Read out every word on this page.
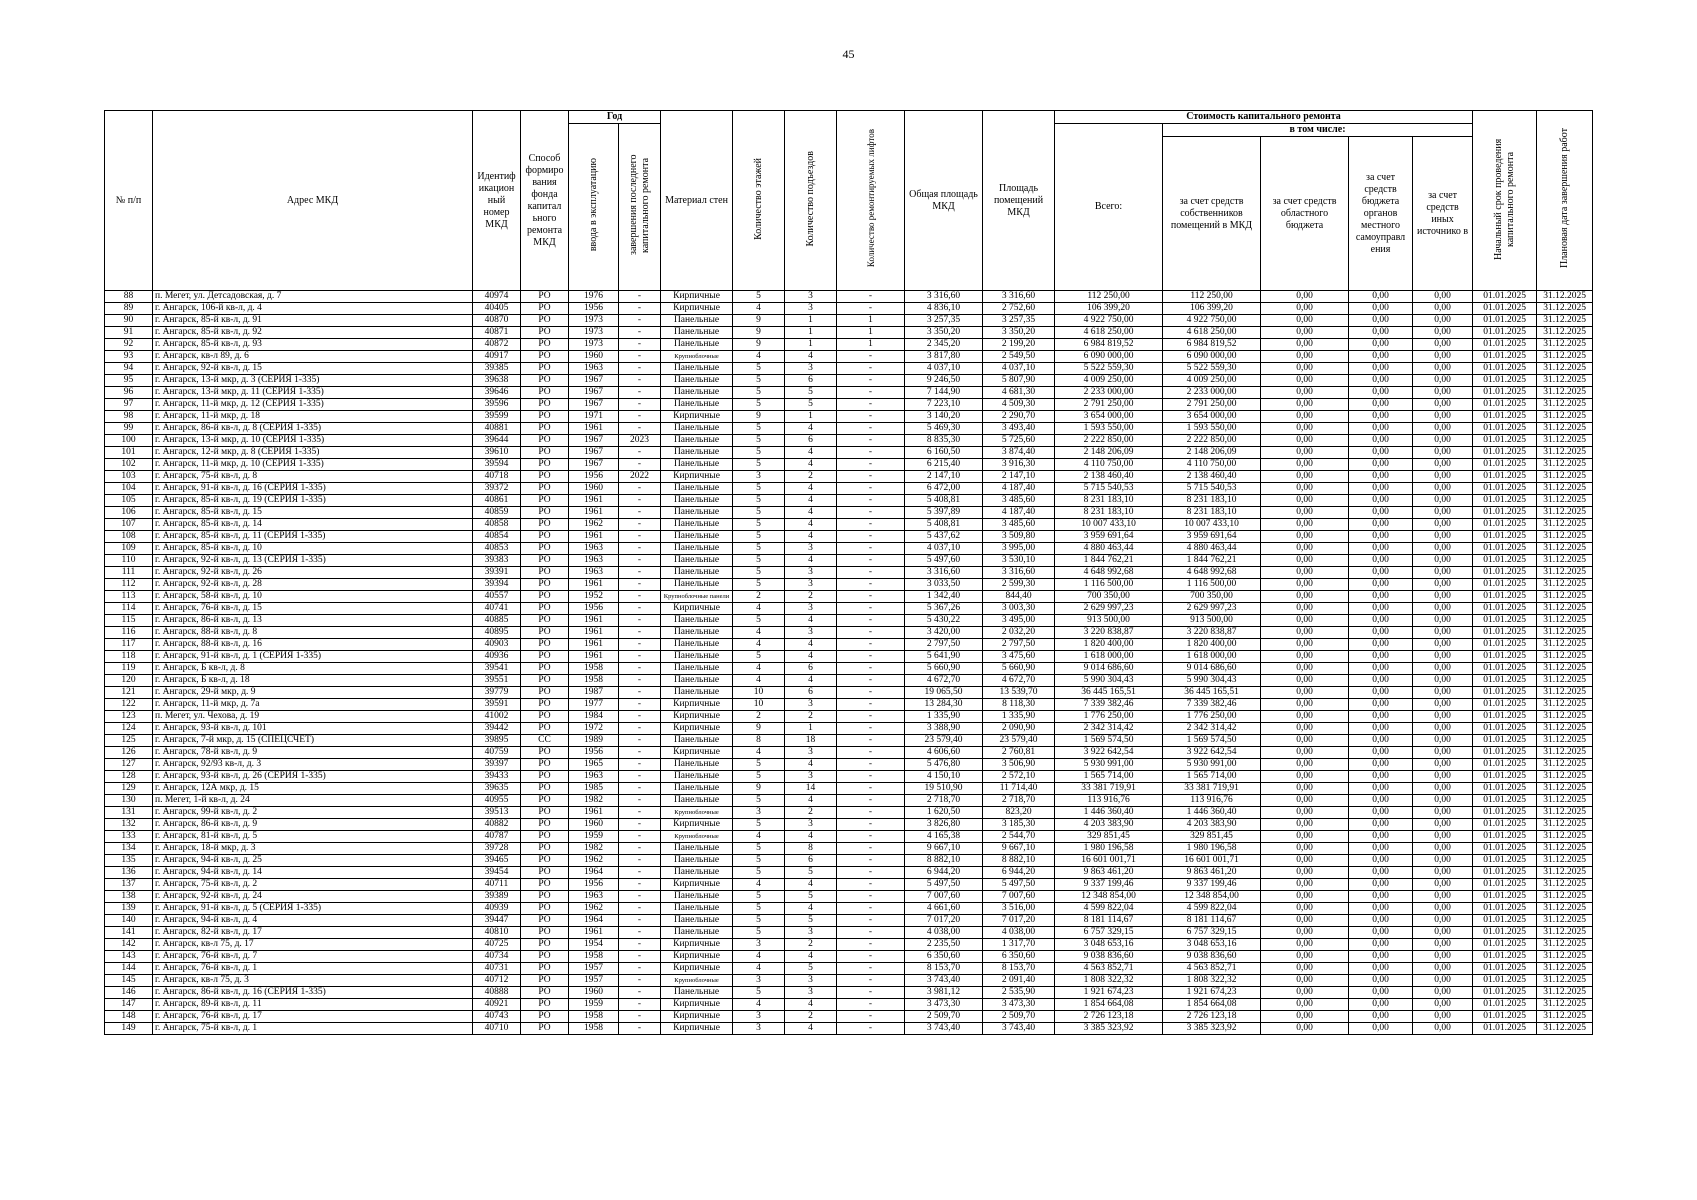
45
№ п/п	Адрес МКД	Идентиф икацион ный номер МКД	Способ формиро вания фонда капитал ьного ремонта МКД	Год		Материал стен	Количество этажей	Количество подъездов	Количество ремонтируемых лифтов	Общая площадь МКД	Площадь помещений МКД	Стоимость капитального ремонта					Начальный срок проведения капитального ремонта	Плановая дата завершения работ
				ввода в эксплуатацию	завершения последнего капитального ремонта							Всего:	в том числе:					
													за счет средств собственников помещений в МКД	за счет средств областного бюджета	за счет средств бюджета органов местного самоуправл ения	за счет средств иных источнико в		
88	п. Мегет, ул. Детсадовская, д. 7	40974	РО	1976	-	Кирпичные	5	3	-	3 316,60	3 316,60	112 250,00	112 250,00	0,00	0,00	0,00	01.01.2025	31.12.2025
89	г. Ангарск, 106-й кв-л, д. 4	40405	РО	1956	-	Кирпичные	4	3	-	4 836,10	2 752,60	106 399,20	106 399,20	0,00	0,00	0,00	01.01.2025	31.12.2025
90	г. Ангарск, 85-й кв-л, д. 91	40870	РО	1973	-	Панельные	9	1	1	3 257,35	3 257,35	4 922 750,00	4 922 750,00	0,00	0,00	0,00	01.01.2025	31.12.2025
91	г. Ангарск, 85-й кв-л, д. 92	40871	РО	1973	-	Панельные	9	1	1	3 350,20	3 350,20	4 618 250,00	4 618 250,00	0,00	0,00	0,00	01.01.2025	31.12.2025
92	г. Ангарск, 85-й кв-л, д. 93	40872	РО	1973	-	Панельные	9	1	1	2 345,20	2 199,20	6 984 819,52	6 984 819,52	0,00	0,00	0,00	01.01.2025	31.12.2025
93	г. Ангарск, кв-л 89, д. 6	40917	РО	1960	-	Крупноблочные	4	4	-	3 817,80	2 549,50	6 090 000,00	6 090 000,00	0,00	0,00	0,00	01.01.2025	31.12.2025
94	г. Ангарск, 92-й кв-л, д. 15	39385	РО	1963	-	Панельные	5	3	-	4 037,10	4 037,10	5 522 559,30	5 522 559,30	0,00	0,00	0,00	01.01.2025	31.12.2025
95	г. Ангарск, 13-й мкр, д. 3 (СЕРИЯ 1-335)	39638	РО	1967	-	Панельные	5	6	-	9 246,50	5 807,90	4 009 250,00	4 009 250,00	0,00	0,00	0,00	01.01.2025	31.12.2025
96	г. Ангарск, 13-й мкр, д. 11 (СЕРИЯ 1-335)	39646	РО	1967	-	Панельные	5	5	-	7 144,90	4 681,30	2 233 000,00	2 233 000,00	0,00	0,00	0,00	01.01.2025	31.12.2025
97	г. Ангарск, 11-й мкр, д. 12 (СЕРИЯ 1-335)	39596	РО	1967	-	Панельные	5	5	-	7 223,10	4 509,30	2 791 250,00	2 791 250,00	0,00	0,00	0,00	01.01.2025	31.12.2025
98	г. Ангарск, 11-й мкр, д. 18	39599	РО	1971	-	Кирпичные	9	1	-	3 140,20	2 290,70	3 654 000,00	3 654 000,00	0,00	0,00	0,00	01.01.2025	31.12.2025
99	г. Ангарск, 86-й кв-л, д. 8 (СЕРИЯ 1-335)	40881	РО	1961	-	Панельные	5	4	-	5 469,30	3 493,40	1 593 550,00	1 593 550,00	0,00	0,00	0,00	01.01.2025	31.12.2025
100	г. Ангарск, 13-й мкр, д. 10 (СЕРИЯ 1-335)	39644	РО	1967	2023	Панельные	5	6	-	8 835,30	5 725,60	2 222 850,00	2 222 850,00	0,00	0,00	0,00	01.01.2025	31.12.2025
101	г. Ангарск, 12-й мкр, д. 8 (СЕРИЯ 1-335)	39610	РО	1967	-	Панельные	5	4	-	6 160,50	3 874,40	2 148 206,09	2 148 206,09	0,00	0,00	0,00	01.01.2025	31.12.2025
102	г. Ангарск, 11-й мкр, д. 10 (СЕРИЯ 1-335)	39594	РО	1967	-	Панельные	5	4	-	6 215,40	3 916,30	4 110 750,00	4 110 750,00	0,00	0,00	0,00	01.01.2025	31.12.2025
103	г. Ангарск, 75-й кв-л, д. 8	40718	РО	1956	2022	Кирпичные	3	2	-	2 147,10	2 147,10	2 138 460,40	2 138 460,40	0,00	0,00	0,00	01.01.2025	31.12.2025
104	г. Ангарск, 91-й кв-л, д. 16 (СЕРИЯ 1-335)	39372	РО	1960	-	Панельные	5	4	-	6 472,00	4 187,40	5 715 540,53	5 715 540,53	0,00	0,00	0,00	01.01.2025	31.12.2025
105	г. Ангарск, 85-й кв-л, д. 19 (СЕРИЯ 1-335)	40861	РО	1961	-	Панельные	5	4	-	5 408,81	3 485,60	8 231 183,10	8 231 183,10	0,00	0,00	0,00	01.01.2025	31.12.2025
106	г. Ангарск, 85-й кв-л, д. 15	40859	РО	1961	-	Панельные	5	4	-	5 397,89	4 187,40	8 231 183,10	8 231 183,10	0,00	0,00	0,00	01.01.2025	31.12.2025
107	г. Ангарск, 85-й кв-л, д. 14	40858	РО	1962	-	Панельные	5	4	-	5 408,81	3 485,60	10 007 433,10	10 007 433,10	0,00	0,00	0,00	01.01.2025	31.12.2025
108	г. Ангарск, 85-й кв-л, д. 11 (СЕРИЯ 1-335)	40854	РО	1961	-	Панельные	5	4	-	5 437,62	3 509,80	3 959 691,64	3 959 691,64	0,00	0,00	0,00	01.01.2025	31.12.2025
109	г. Ангарск, 85-й кв-л, д. 10	40853	РО	1963	-	Панельные	5	3	-	4 037,10	3 995,00	4 880 463,44	4 880 463,44	0,00	0,00	0,00	01.01.2025	31.12.2025
110	г. Ангарск, 92-й кв-л, д. 13 (СЕРИЯ 1-335)	39383	РО	1963	-	Панельные	5	4	-	5 497,60	3 530,10	1 844 762,21	1 844 762,21	0,00	0,00	0,00	01.01.2025	31.12.2025
111	г. Ангарск, 92-й кв-л, д. 26	39391	РО	1963	-	Панельные	5	3	-	3 316,60	3 316,60	4 648 992,68	4 648 992,68	0,00	0,00	0,00	01.01.2025	31.12.2025
112	г. Ангарск, 92-й кв-л, д. 28	39394	РО	1961	-	Панельные	5	3	-	3 033,50	2 599,30	1 116 500,00	1 116 500,00	0,00	0,00	0,00	01.01.2025	31.12.2025
113	г. Ангарск, 58-й кв-л, д. 10	40557	РО	1952	-	Крупноблочные панели	2	2	-	1 342,40	844,40	700 350,00	700 350,00	0,00	0,00	0,00	01.01.2025	31.12.2025
114	г. Ангарск, 76-й кв-л, д. 15	40741	РО	1956	-	Кирпичные	4	3	-	5 367,26	3 003,30	2 629 997,23	2 629 997,23	0,00	0,00	0,00	01.01.2025	31.12.2025
115	г. Ангарск, 86-й кв-л, д. 13	40885	РО	1961	-	Панельные	5	4	-	5 430,22	3 495,00	913 500,00	913 500,00	0,00	0,00	0,00	01.01.2025	31.12.2025
116	г. Ангарск, 88-й кв-л, д. 8	40895	РО	1961	-	Панельные	4	3	-	3 420,00	2 032,20	3 220 838,87	3 220 838,87	0,00	0,00	0,00	01.01.2025	31.12.2025
117	г. Ангарск, 88-й кв-л, д. 16	40903	РО	1961	-	Панельные	4	4	-	2 797,50	2 797,50	1 820 400,00	1 820 400,00	0,00	0,00	0,00	01.01.2025	31.12.2025
118	г. Ангарск, 91-й кв-л, д. 1 (СЕРИЯ 1-335)	40936	РО	1961	-	Панельные	5	4	-	5 641,90	3 475,60	1 618 000,00	1 618 000,00	0,00	0,00	0,00	01.01.2025	31.12.2025
119	г. Ангарск, Б кв-л, д. 8	39541	РО	1958	-	Панельные	4	6	-	5 660,90	5 660,90	9 014 686,60	9 014 686,60	0,00	0,00	0,00	01.01.2025	31.12.2025
120	г. Ангарск, Б кв-л, д. 18	39551	РО	1958	-	Панельные	4	4	-	4 672,70	4 672,70	5 990 304,43	5 990 304,43	0,00	0,00	0,00	01.01.2025	31.12.2025
121	г. Ангарск, 29-й мкр, д. 9	39779	РО	1987	-	Панельные	10	6	-	19 065,50	13 539,70	36 445 165,51	36 445 165,51	0,00	0,00	0,00	01.01.2025	31.12.2025
122	г. Ангарск, 11-й мкр, д. 7а	39591	РО	1977	-	Кирпичные	10	3	-	13 284,30	8 118,30	7 339 382,46	7 339 382,46	0,00	0,00	0,00	01.01.2025	31.12.2025
123	п. Мегет, ул. Чехова, д. 19	41002	РО	1984	-	Кирпичные	2	2	-	1 335,90	1 335,90	1 776 250,00	1 776 250,00	0,00	0,00	0,00	01.01.2025	31.12.2025
124	г. Ангарск, 93-й кв-л, д. 101	39442	РО	1972	-	Кирпичные	9	1	-	3 388,90	2 090,90	2 342 314,42	2 342 314,42	0,00	0,00	0,00	01.01.2025	31.12.2025
125	г. Ангарск, 7-й мкр, д. 15 (СПЕЦСЧЕТ)	39895	СС	1989	-	Панельные	8	18	-	23 579,40	23 579,40	1 569 574,50	1 569 574,50	0,00	0,00	0,00	01.01.2025	31.12.2025
126	г. Ангарск, 78-й кв-л, д. 9	40759	РО	1956	-	Кирпичные	4	3	-	4 606,60	2 760,81	3 922 642,54	3 922 642,54	0,00	0,00	0,00	01.01.2025	31.12.2025
127	г. Ангарск, 92/93 кв-л, д. 3	39397	РО	1965	-	Панельные	5	4	-	5 476,80	3 506,90	5 930 991,00	5 930 991,00	0,00	0,00	0,00	01.01.2025	31.12.2025
128	г. Ангарск, 93-й кв-л, д. 26 (СЕРИЯ 1-335)	39433	РО	1963	-	Панельные	5	3	-	4 150,10	2 572,10	1 565 714,00	1 565 714,00	0,00	0,00	0,00	01.01.2025	31.12.2025
129	г. Ангарск, 12А мкр, д. 15	39635	РО	1985	-	Панельные	9	14	-	19 510,90	11 714,40	33 381 719,91	33 381 719,91	0,00	0,00	0,00	01.01.2025	31.12.2025
130	п. Мегет, 1-й кв-л, д. 24	40955	РО	1982	-	Панельные	5	4	-	2 718,70	2 718,70	113 916,76	113 916,76	0,00	0,00	0,00	01.01.2025	31.12.2025
131	г. Ангарск, 99-й кв-л, д. 2	39513	РО	1961	-	Крупноблочные	3	2	-	1 620,50	823,20	1 446 360,40	1 446 360,40	0,00	0,00	0,00	01.01.2025	31.12.2025
132	г. Ангарск, 86-й кв-л, д. 9	40882	РО	1960	-	Кирпичные	5	3	-	3 826,80	3 185,30	4 203 383,90	4 203 383,90	0,00	0,00	0,00	01.01.2025	31.12.2025
133	г. Ангарск, 81-й кв-л, д. 5	40787	РО	1959	-	Крупноблочные	4	4	-	4 165,38	2 544,70	329 851,45	329 851,45	0,00	0,00	0,00	01.01.2025	31.12.2025
134	г. Ангарск, 18-й мкр, д. 3	39728	РО	1982	-	Панельные	5	8	-	9 667,10	9 667,10	1 980 196,58	1 980 196,58	0,00	0,00	0,00	01.01.2025	31.12.2025
135	г. Ангарск, 94-й кв-л, д. 25	39465	РО	1962	-	Панельные	5	6	-	8 882,10	8 882,10	16 601 001,71	16 601 001,71	0,00	0,00	0,00	01.01.2025	31.12.2025
136	г. Ангарск, 94-й кв-л, д. 14	39454	РО	1964	-	Панельные	5	5	-	6 944,20	6 944,20	9 863 461,20	9 863 461,20	0,00	0,00	0,00	01.01.2025	31.12.2025
137	г. Ангарск, 75-й кв-л, д. 2	40711	РО	1956	-	Кирпичные	4	4	-	5 497,50	5 497,50	9 337 199,46	9 337 199,46	0,00	0,00	0,00	01.01.2025	31.12.2025
138	г. Ангарск, 92-й кв-л, д. 24	39389	РО	1963	-	Панельные	5	5	-	7 007,60	7 007,60	12 348 854,00	12 348 854,00	0,00	0,00	0,00	01.01.2025	31.12.2025
139	г. Ангарск, 91-й кв-л, д. 5 (СЕРИЯ 1-335)	40939	РО	1962	-	Панельные	5	4	-	4 661,60	3 516,00	4 599 822,04	4 599 822,04	0,00	0,00	0,00	01.01.2025	31.12.2025
140	г. Ангарск, 94-й кв-л, д. 4	39447	РО	1964	-	Панельные	5	5	-	7 017,20	7 017,20	8 181 114,67	8 181 114,67	0,00	0,00	0,00	01.01.2025	31.12.2025
141	г. Ангарск, 82-й кв-л, д. 17	40810	РО	1961	-	Панельные	5	3	-	4 038,00	4 038,00	6 757 329,15	6 757 329,15	0,00	0,00	0,00	01.01.2025	31.12.2025
142	г. Ангарск, кв-л 75, д. 17	40725	РО	1954	-	Кирпичные	3	2	-	2 235,50	1 317,70	3 048 653,16	3 048 653,16	0,00	0,00	0,00	01.01.2025	31.12.2025
143	г. Ангарск, 76-й кв-л, д. 7	40734	РО	1958	-	Кирпичные	4	4	-	6 350,60	6 350,60	9 038 836,60	9 038 836,60	0,00	0,00	0,00	01.01.2025	31.12.2025
144	г. Ангарск, 76-й кв-л, д. 1	40731	РО	1957	-	Кирпичные	4	5	-	8 153,70	8 153,70	4 563 852,71	4 563 852,71	0,00	0,00	0,00	01.01.2025	31.12.2025
145	г. Ангарск, кв-л 75, д. 3	40712	РО	1957	-	Крупноблочные	3	3	-	3 743,40	2 091,40	1 808 322,32	1 808 322,32	0,00	0,00	0,00	01.01.2025	31.12.2025
146	г. Ангарск, 86-й кв-л, д. 16 (СЕРИЯ 1-335)	40888	РО	1960	-	Панельные	5	3	-	3 981,12	2 535,90	1 921 674,23	1 921 674,23	0,00	0,00	0,00	01.01.2025	31.12.2025
147	г. Ангарск, 89-й кв-л, д. 11	40921	РО	1959	-	Кирпичные	4	4	-	3 473,30	3 473,30	1 854 664,08	1 854 664,08	0,00	0,00	0,00	01.01.2025	31.12.2025
148	г. Ангарск, 76-й кв-л, д. 17	40743	РО	1958	-	Кирпичные	3	2	-	2 509,70	2 509,70	2 726 123,18	2 726 123,18	0,00	0,00	0,00	01.01.2025	31.12.2025
149	г. Ангарск, 75-й кв-л, д. 1	40710	РО	1958	-	Кирпичные	3	4	-	3 743,40	3 743,40	3 385 323,92	3 385 323,92	0,00	0,00	0,00	01.01.2025	31.12.2025
